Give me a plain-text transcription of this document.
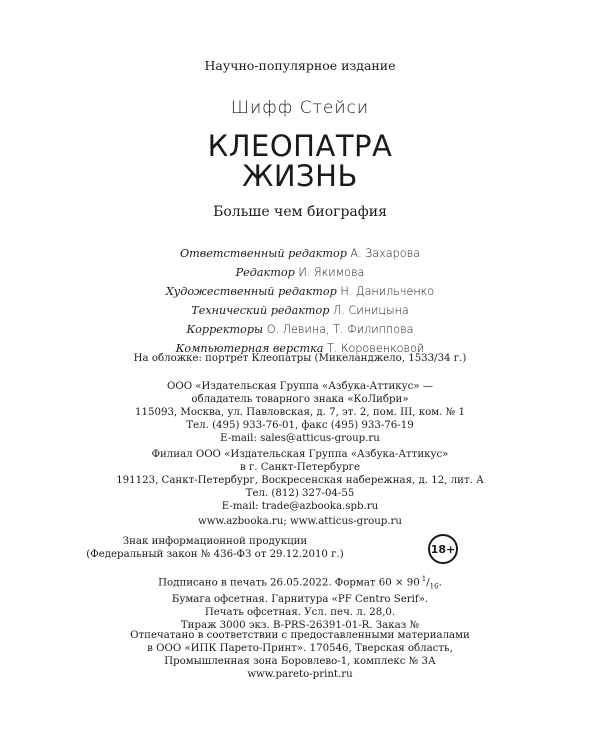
Научно-популярное издание
Шифф Стейси
КЛЕОПАТРА
ЖИЗНЬ
Больше чем биография
Ответственный редактор А. Захарова
Редактор И. Якимова
Художественный редактор Н. Данильченко
Технический редактор Л. Синицына
Корректоры О. Левина, Т. Филиппова
Компьютерная верстка Т. Коровенковой
На обложке: портрет Клеопатры (Микеланджело, 1533/34 г.)
ООО «Издательская Группа «Азбука-Аттикус» —
обладатель товарного знака «КоЛибри»
115093, Москва, ул. Павловская, д. 7, эт. 2, пом. III, ком. № 1
Тел. (495) 933-76-01, факс (495) 933-76-19
E-mail: sales@atticus-group.ru
Филиал ООО «Издательская Группа «Азбука-Аттикус»
в г. Санкт-Петербурге
191123, Санкт-Петербург, Воскресенская набережная, д. 12, лит. А
Тел. (812) 327-04-55
E-mail: trade@azbooka.spb.ru
www.azbooka.ru; www.atticus-group.ru
Знак информационной продукции
(Федеральный закон № 436-ФЗ от 29.12.2010 г.)	18+
Подписано в печать 26.05.2022. Формат 60 × 90  $^1/_{16}$.
Бумага офсетная. Гарнитура «PF Centro Serif».
Печать офсетная. Усл. печ. л. 28,0.
Тираж 3000 экз. B-PRS-26391-01-R. Заказ №
Отпечатано в соответствии с предоставленными материалами
в ООО «ИПК Парето-Принт». 170546, Тверская область,
Промышленная зона Боровлево-1, комплекс № 3А
www.pareto-print.ru
